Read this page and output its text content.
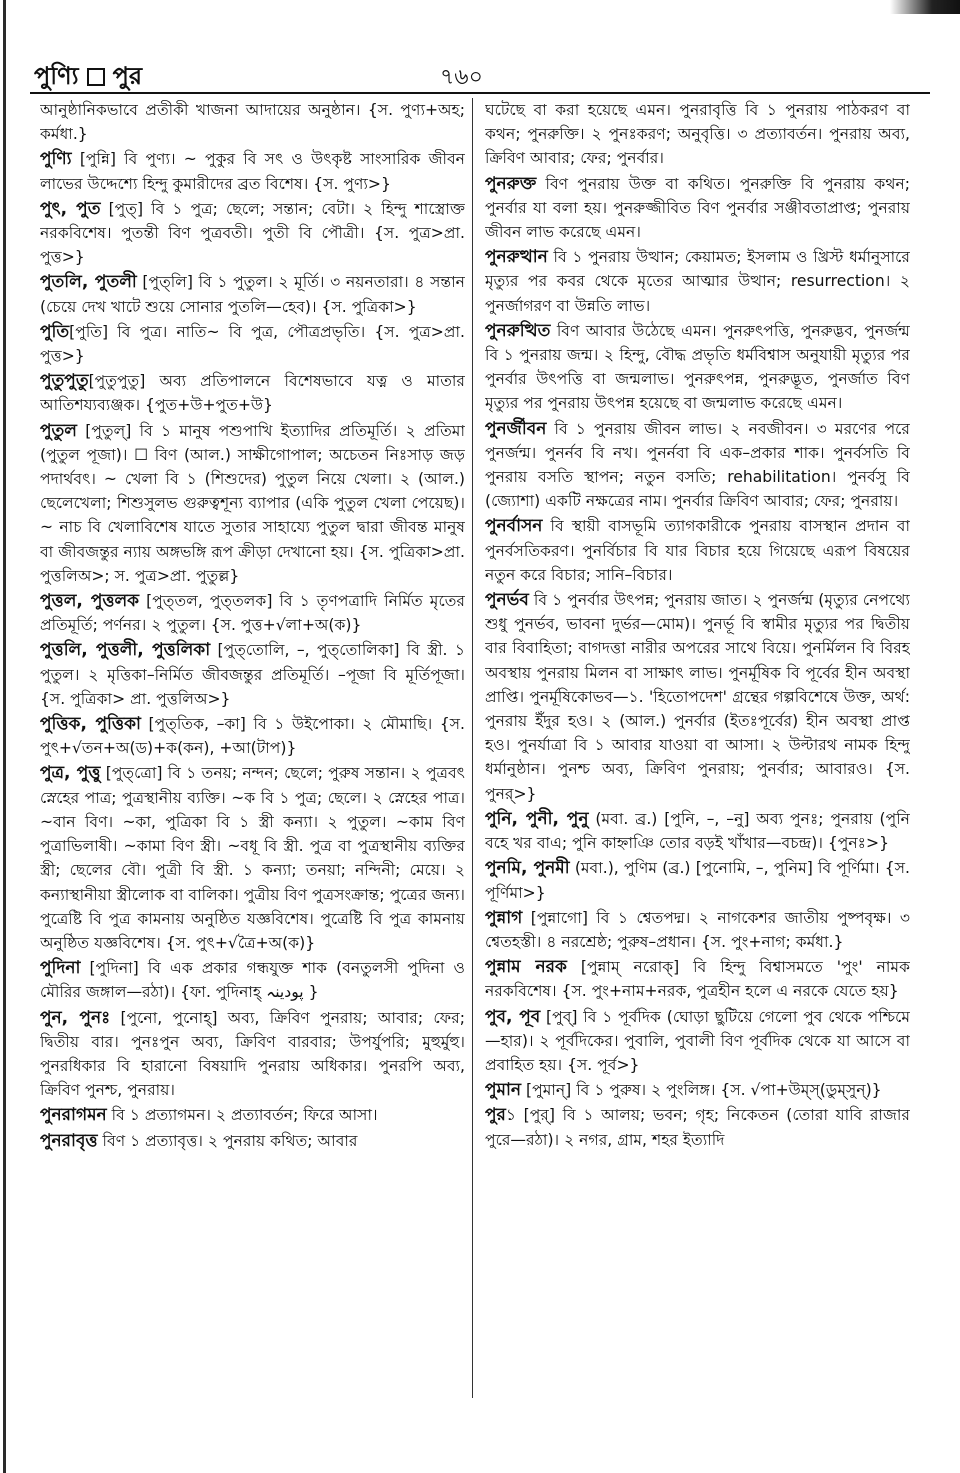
পুণ্যি পুর	৭৬০

আনুষ্ঠানিকভাবে প্রতীকী খাজনা আদায়ের অনুষ্ঠান। {স. পুণ্য+অহ; কর্মধা.}

পুণ্যি [পুন্নি] বি পুণ্য। ~ পুকুর বি সৎ ও উৎকৃষ্ট সাংসারিক জীবন লাভের উদ্দেশ্যে হিন্দু কুমারীদের ব্রত বিশেষ। {স. পুণ্য>}

পুৎ, পুত [পুত্] বি ১ পুত্র; ছেলে; সন্তান; বেটা। ২ হিন্দু শাস্ত্রোক্ত নরকবিশেষ। পুতন্তী বিণ পুত্রবতী। পুতী বি পৌত্রী। {স. পুত্র>প্রা. পুত্ত>}

পুতলি, পুতলী [পুত্‌লি] বি ১ পুতুল। ২ মূর্তি। ৩ নয়নতারা। ৪ সন্তান (চেয়ে দেখ খাটে শুয়ে সোনার পুতলি—হেব)। {স. পুত্রিকা>}

পুতি[পুতি] বি পুত্র। নাতি~ বি পুত্র, পৌত্রপ্রভৃতি। {স. পুত্র>প্রা. পুত্ত>}

পুতুপুতু[পুতুপুতু] অব্য প্রতিপালনে বিশেষভাবে যত্ন ও মাতার আতিশয্যব্যঞ্জক। {পুত+উ+পুত+উ}

পুতুল [পুতুল্] বি ১ মানুষ পশুপাখি ইত্যাদির প্রতিমূর্তি। ২ প্রতিমা (পুতুল পূজা)। ☐ বিণ (আল.) সাক্ষীগোপাল; অচেতন নিঃসাড় জড় পদার্থবৎ। ~ খেলা বি ১ (শিশুদের) পুতুল নিয়ে খেলা। ২ (আল.) ছেলেখেলা; শিশুসুলভ গুরুত্বশূন্য ব্যাপার (একি পুতুল খেলা পেয়েছ)। ~ নাচ বি খেলাবিশেষ যাতে সুতার সাহায্যে পুতুল দ্বারা জীবন্ত মানুষ বা জীবজন্তুর ন্যায় অঙ্গভঙ্গি রূপ ক্রীড়া দেখানো হয়। {স. পুত্রিকা>প্রা. পুত্তলিঅ>; স. পুত্র>প্রা. পুতুল্ল}

পুত্তল, পুত্তলক [পুত্‌তল, পুত্‌তলক] বি ১ তৃণপত্রাদি নির্মিত মৃতের প্রতিমূর্তি; পর্ণনর। ২ পুতুল। {স. পুত্ত+√লা+অ(ক)}

পুত্তলি, পুত্তলী, পুত্তলিকা [পুত্‌তোলি, –, পুত্‌তোলিকা] বি স্ত্রী. ১ পুতুল। ২ মৃত্তিকা–নির্মিত জীবজন্তুর প্রতিমূর্তি। –পূজা বি মূর্তিপূজা। {স. পুত্রিকা> প্রা. পুত্তলিঅ>}

পুত্তিক, পুত্তিকা [পুত্‌তিক, –কা] বি ১ উইপোকা। ২ মৌমাছি। {স. পুৎ+√তন+অ(ড)+ক(কন), +আ(টাপ)}

পুত্র, পুত্তু [পুত্‌ত্রো] বি ১ তনয়; নন্দন; ছেলে; পুরুষ সন্তান। ২ পুত্রবৎ স্নেহের পাত্র; পুত্রস্থানীয় ব্যক্তি। ~ক বি ১ পুত্র; ছেলে। ২ স্নেহের পাত্র। ~বান বিণ। ~কা, পুত্রিকা বি ১ স্ত্রী কন্যা। ২ পুতুল। ~কাম বিণ পুত্রাভিলাষী। ~কামা বিণ স্ত্রী। ~বধূ বি স্ত্রী. পুত্র বা পুত্রস্থানীয় ব্যক্তির স্ত্রী; ছেলের বৌ। পুত্রী বি স্ত্রী. ১ কন্যা; তনয়া; নন্দিনী; মেয়ে। ২ কন্যাস্থানীয়া স্ত্রীলোক বা বালিকা। পুত্রীয় বিণ পুত্রসংক্রান্ত; পুত্রের জন্য। পুত্রেষ্টি বি পুত্র কামনায় অনুষ্ঠিত যজ্ঞবিশেষ। পুত্রেষ্টি বি পুত্র কামনায় অনুষ্ঠিত যজ্ঞবিশেষ। {স. পুৎ+√ত্রৈ+অ(ক)}

পুদিনা [পুদিনা] বি এক প্রকার গন্ধযুক্ত শাক (বনতুলসী পুদিনা ও মৌরির জঙ্গাল—রঠা)। {ফা. পুদিনাহ্ پودینہ }

পুন, পুনঃ [পুনো, পুনোহ্] অব্য, ক্রিবিণ পুনরায়; আবার; ফের; দ্বিতীয় বার। পুনঃপুন অব্য, ক্রিবিণ বারবার; উপর্যুপরি; মুহুর্মুহু। পুনরধিকার বি হারানো বিষয়াদি পুনরায় অধিকার। পুনরপি অব্য, ক্রিবিণ পুনশ্চ, পুনরায়।

পুনরাগমন বি ১ প্রত্যাগমন। ২ প্রত্যাবর্তন; ফিরে আসা।

পুনরাবৃত্ত বিণ ১ প্রত্যাবৃত্ত। ২ পুনরায় কথিত; আবার

ঘটেছে বা করা হয়েছে এমন। পুনরাবৃত্তি বি ১ পুনরায় পাঠকরণ বা কথন; পুনরুক্তি। ২ পুনঃকরণ; অনুবৃত্তি। ৩ প্রত্যাবর্তন। পুনরায় অব্য, ক্রিবিণ আবার; ফের; পুনর্বার।

পুনরুক্ত বিণ পুনরায় উক্ত বা কথিত। পুনরুক্তি বি পুনরায় কথন; পুনর্বার যা বলা হয়। পুনরুজ্জীবিত বিণ পুনর্বার সঞ্জীবতাপ্রাপ্ত; পুনরায় জীবন লাভ করেছে এমন।

পুনরুত্থান বি ১ পুনরায় উত্থান; কেয়ামত; ইসলাম ও খ্রিস্ট ধর্মানুসারে মৃত্যুর পর কবর থেকে মৃতের আত্মার উত্থান; resurrection। ২ পুনর্জাগরণ বা উন্নতি লাভ।

পুনরুত্থিত বিণ আবার উঠেছে এমন। পুনরুৎপত্তি, পুনরুদ্ভব, পুনর্জন্ম বি ১ পুনরায় জন্ম। ২ হিন্দু, বৌদ্ধ প্রভৃতি ধর্মবিশ্বাস অনুযায়ী মৃত্যুর পর পুনর্বার উৎপত্তি বা জন্মলাভ। পুনরুৎপন্ন, পুনরুদ্ভূত, পুনর্জাত বিণ মৃত্যুর পর পুনরায় উৎপন্ন হয়েছে বা জন্মলাভ করেছে এমন।

পুনর্জীবন বি ১ পুনরায় জীবন লাভ। ২ নবজীবন। ৩ মরণের পরে পুনর্জন্ম। পুনর্নব বি নখ। পুনর্নবা বি এক–প্রকার শাক। পুনর্বসতি বি পুনরায় বসতি স্থাপন; নতুন বসতি; rehabilitation। পুনর্বসু বি (জ্যোশা) একটি নক্ষত্রের নাম। পুনর্বার ক্রিবিণ আবার; ফের; পুনরায়।

পুনর্বাসন বি স্থায়ী বাসভূমি ত্যাগকারীকে পুনরায় বাসস্থান প্রদান বা পুনর্বসতিকরণ। পুনর্বিচার বি যার বিচার হয়ে গিয়েছে এরূপ বিষয়ের নতুন করে বিচার; সানি–বিচার।

পুনর্ভব বি ১ পুনর্বার উৎপন্ন; পুনরায় জাত। ২ পুনর্জন্ম (মৃত্যুর নেপথ্যে শুধু পুনর্ভব, ভাবনা দুর্ভর—মোম)। পুনর্ভূ বি স্বামীর মৃত্যুর পর দ্বিতীয় বার বিবাহিতা; বাগদত্তা নারীর অপরের সাথে বিয়ে। পুনর্মিলন বি বিরহ অবস্থায় পুনরায় মিলন বা সাক্ষাৎ লাভ। পুনর্মূষিক বি পূর্বের হীন অবস্থা প্রাপ্তি। পুনর্মূষিকোভব—১. 'হিতোপদেশ' গ্রন্থের গল্পবিশেষে উক্ত, অর্থ: পুনরায় ইঁদুর হও। ২ (আল.) পুনর্বার (ইতঃপূর্বের) হীন অবস্থা প্রাপ্ত হও। পুনর্যাত্রা বি ১ আবার যাওয়া বা আসা। ২ উল্টারথ নামক হিন্দু ধর্মানুষ্ঠান। পুনশ্চ অব্য, ক্রিবিণ পুনরায়; পুনর্বার; আবারও। {স. পুনর্>}

পুনি, পুনী, পুনু (মবা. ব্র.) [পুনি, –, –নু] অব্য পুনঃ; পুনরায় (পুনি বহে খর বাএ; পুনি কাহ্নাঞি তোর বড়ই খাঁখার—বচন্দ্র)। {পুনঃ>}

পুনমি, পুনমী (মবা.), পুণিম (ব্র.) [পুনোমি, –, পুনিম] বি পূর্ণিমা। {স. পূর্ণিমা>}

পুন্নাগ [পুন্নাগো] বি ১ শ্বেতপদ্ম। ২ নাগকেশর জাতীয় পুষ্পবৃক্ষ। ৩ শ্বেতহস্তী। ৪ নরশ্রেষ্ঠ; পুরুষ–প্রধান। {স. পুং+নাগ; কর্মধা.}

পুন্নাম নরক [পুন্নাম্ নরোক্] বি হিন্দু বিশ্বাসমতে 'পুং' নামক নরকবিশেষ। {স. পুং+নাম+নরক, পুত্রহীন হলে এ নরকে যেতে হয়}

পুব, পূব [পুব্] বি ১ পূর্বদিক (ঘোড়া ছুটিয়ে গেলো পুব থেকে পশ্চিমে—হার)। ২ পূর্বদিকের। পুবালি, পুবালী বিণ পূর্বদিক থেকে যা আসে বা প্রবাহিত হয়। {স. পূর্ব>}

পুমান [পুমান্] বি ১ পুরুষ। ২ পুংলিঙ্গ। {স. √পা+উম্‌স্(ডুম্‌সুন্)}

পুর১ [পুর্] বি ১ আলয়; ভবন; গৃহ; নিকেতন (তোরা যাবি রাজার পুরে—রঠা)। ২ নগর, গ্রাম, শহর ইত্যাদি
